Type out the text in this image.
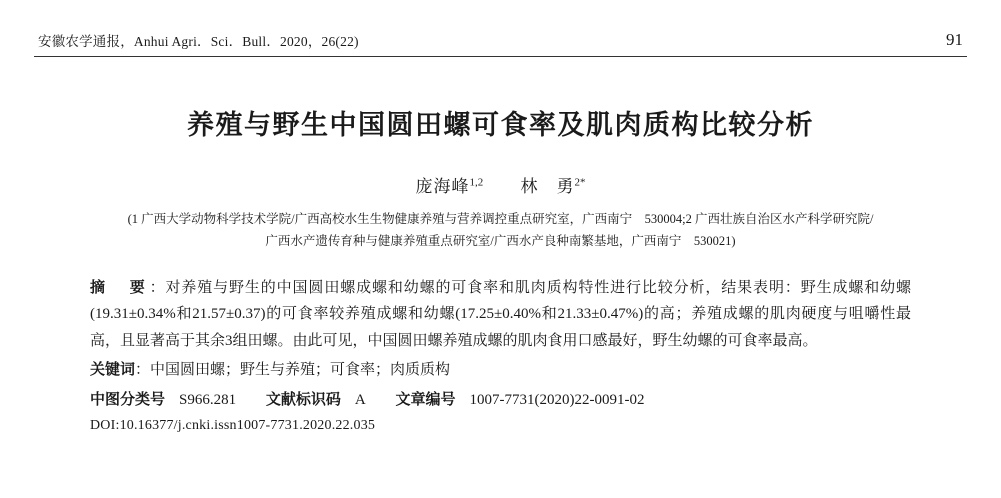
安徽农学通报，Anhui Agri．Sci．Bull．2020，26(22)	91
养殖与野生中国圆田螺可食率及肌肉质构比较分析
庞海峰$^{1,2}$ 林　勇$^{2*}$
(1 广西大学动物科学技术学院/广西高校水生生物健康养殖与营养调控重点研究室，广西南宁　530004;2 广西壮族自治区水产科学研究院/
广西水产遗传育种与健康养殖重点研究室/广西水产良种南繁基地，广西南宁　530021)
摘　要：对养殖与野生的中国圆田螺成螺和幼螺的可食率和肌肉质构特性进行比较分析，结果表明：野生成螺和幼螺(19.31±0.34%和21.57±0.37)的可食率较养殖成螺和幼螺(17.25±0.40%和21.33±0.47%)的高；养殖成螺的肌肉硬度与咀嚼性最高，且显著高于其余3组田螺。由此可见，中国圆田螺养殖成螺的肌肉食用口感最好，野生幼螺的可食率最高。
关键词：中国圆田螺；野生与养殖；可食率；肉质质构
中图分类号 S966.281 文献标识码 A 文章编号 1007-7731(2020)22-0091-02
DOI:10.16377/j.cnki.issn1007-7731.2020.22.035
